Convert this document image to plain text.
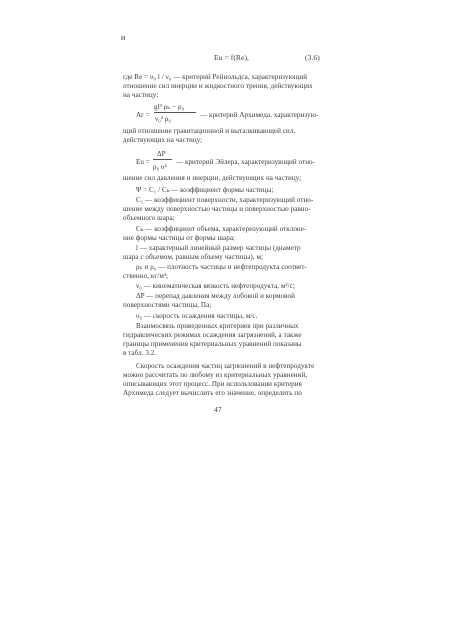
и
Eu = f(Re),	(3.6)
где Re = υ₀ l / ν₀ — критерий Рейнольдса, характеризующий
отношение сил инерции и жидкостного трения, действующих
на частицу;
Ar =
gl³ ρₕ − ρ₀
ν₀² ρ₀	— критерий Архимеда, характеризую-
щий отношение гравитационной и выталкивающей сил,
действующих на частицу;
Eu =
ΔP
ρ₀ υ²
— критерий Эйлера, характеризующий отно-
шение сил давления и инерции, действующих на частицу;
Ψ = C₁ / Cₖ — коэффициент формы частицы;
C₁ — коэффициент поверхности, характеризующий отно-
шение между поверхностью частицы и поверхностью равно-
объемного шара;
Cₖ — коэффициент объема, характеризующий отклоне-
ние формы частицы от формы шара;
l — характерный линейный размер частицы (диаметр
шара с объемом, равным объему частицы), м;
ρₕ и ρ₀ — плотность частицы и нефтепродукта соответ-
ственно, кг/м³;
ν₀ — кинематическая вязкость нефтепродукта, м²/с;
ΔP — перепад давления между лобовой и кормовой
поверхностями частицы, Па;
υ₀ — скорость осаждения частицы, м/с.
Взаимосвязь приведенных критериев при различных
гидравлических режимах осаждения загрязнений, а также
границы применения критериальных уравнений показаны
в табл. 3.2.
Скорость осаждения частиц загрязнений в нефтепродукте
можно рассчитать по любому из критериальных уравнений,
описывающих этот процесс. При использовании критерия
Архимеда следует вычислить его значение, определить по
47
